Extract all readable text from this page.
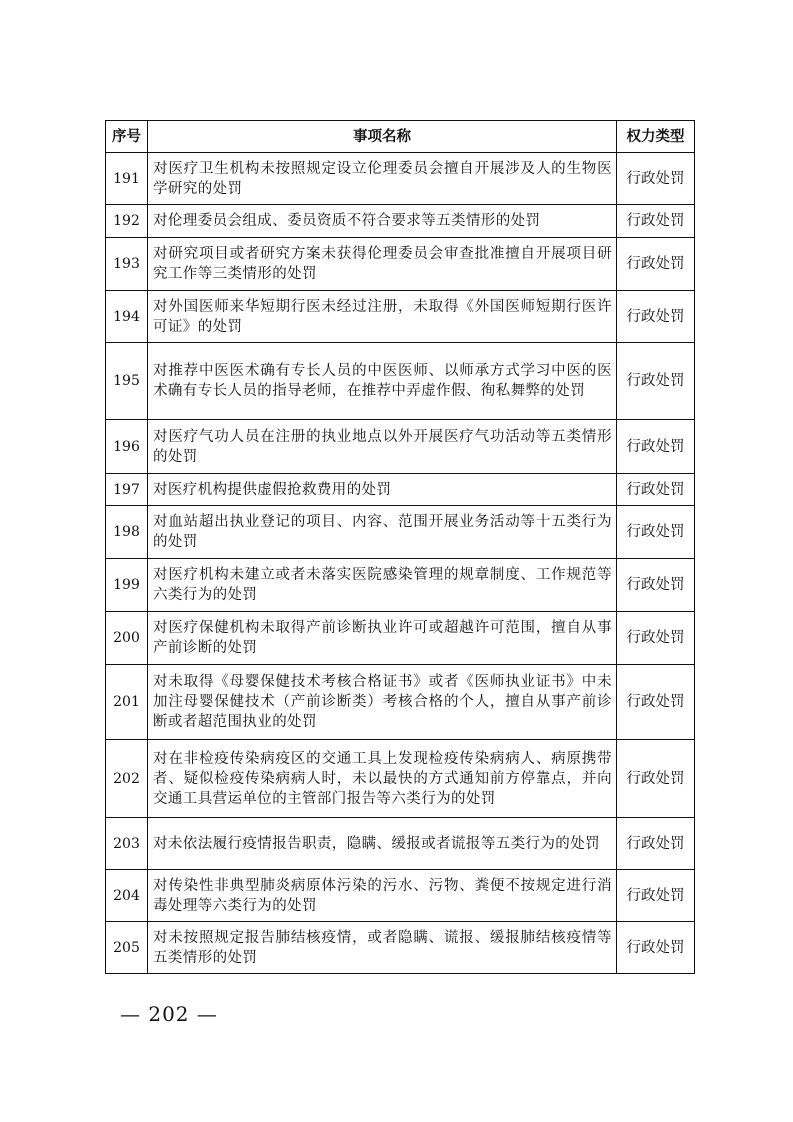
序号	事项名称	权力类型
191	对医疗卫生机构未按照规定设立伦理委员会擅自开展涉及人的生物医学研究的处罚	行政处罚
192	对伦理委员会组成、委员资质不符合要求等五类情形的处罚	行政处罚
193	对研究项目或者研究方案未获得伦理委员会审查批准擅自开展项目研究工作等三类情形的处罚	行政处罚
194	对外国医师来华短期行医未经过注册，未取得《外国医师短期行医许可证》的处罚	行政处罚
195	对推荐中医医术确有专长人员的中医医师、以师承方式学习中医的医术确有专长人员的指导老师，在推荐中弄虚作假、徇私舞弊的处罚	行政处罚
196	对医疗气功人员在注册的执业地点以外开展医疗气功活动等五类情形的处罚	行政处罚
197	对医疗机构提供虚假抢救费用的处罚	行政处罚
198	对血站超出执业登记的项目、内容、范围开展业务活动等十五类行为的处罚	行政处罚
199	对医疗机构未建立或者未落实医院感染管理的规章制度、工作规范等六类行为的处罚	行政处罚
200	对医疗保健机构未取得产前诊断执业许可或超越许可范围，擅自从事产前诊断的处罚	行政处罚
201	对未取得《母婴保健技术考核合格证书》或者《医师执业证书》中未加注母婴保健技术（产前诊断类）考核合格的个人，擅自从事产前诊断或者超范围执业的处罚	行政处罚
202	对在非检疫传染病疫区的交通工具上发现检疫传染病病人、病原携带者、疑似检疫传染病病人时，未以最快的方式通知前方停靠点，并向交通工具营运单位的主管部门报告等六类行为的处罚	行政处罚
203	对未依法履行疫情报告职责，隐瞒、缓报或者谎报等五类行为的处罚	行政处罚
204	对传染性非典型肺炎病原体污染的污水、污物、粪便不按规定进行消毒处理等六类行为的处罚	行政处罚
205	对未按照规定报告肺结核疫情，或者隐瞒、谎报、缓报肺结核疫情等五类情形的处罚	行政处罚
— 202 —
